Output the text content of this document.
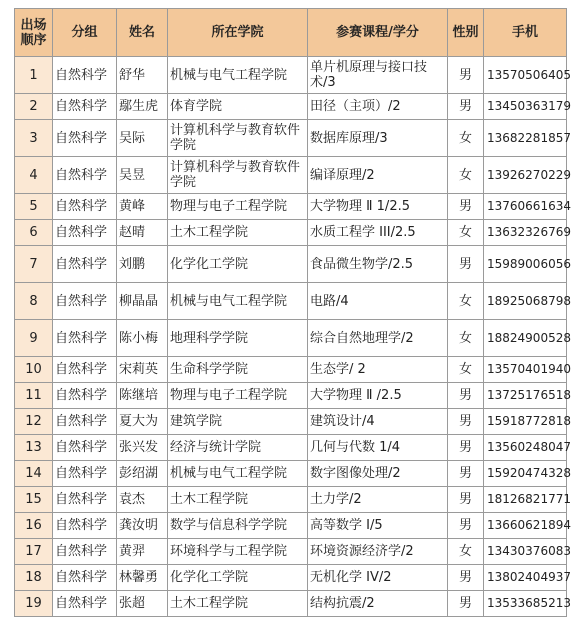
出场顺序	分组	姓名	所在学院	参赛课程/学分	性别	手机
1	自然科学	舒华	机械与电气工程学院	单片机原理与接口技术/3	男	13570506405
2	自然科学	鄢生虎	体育学院	田径（主项）/2	男	13450363179
3	自然科学	吴际	计算机科学与教育软件学院	数据库原理/3	女	13682281857
4	自然科学	吴昱	计算机科学与教育软件学院	编译原理/2	女	13926270229
5	自然科学	黄峰	物理与电子工程学院	大学物理 Ⅱ 1/2.5	男	13760661634
6	自然科学	赵晴	土木工程学院	水质工程学 III/2.5	女	13632326769
7	自然科学	刘鹏	化学化工学院	食品微生物学/2.5	男	15989006056
8	自然科学	柳晶晶	机械与电气工程学院	电路/4	女	18925068798
9	自然科学	陈小梅	地理科学学院	综合自然地理学/2	女	18824900528
10	自然科学	宋莉英	生命科学学院	生态学/ 2	女	13570401940
11	自然科学	陈继培	物理与电子工程学院	大学物理 Ⅱ /2.5	男	13725176518
12	自然科学	夏大为	建筑学院	建筑设计/4	男	15918772818
13	自然科学	张兴发	经济与统计学院	几何与代数 1/4	男	13560248047
14	自然科学	彭绍湖	机械与电气工程学院	数字图像处理/2	男	15920474328
15	自然科学	袁杰	土木工程学院	土力学/2	男	18126821771
16	自然科学	龚汝明	数学与信息科学学院	高等数学 I/5	男	13660621894
17	自然科学	黄羿	环境科学与工程学院	环境资源经济学/2	女	13430376083
18	自然科学	林馨勇	化学化工学院	无机化学 IV/2	男	13802404937
19	自然科学	张超	土木工程学院	结构抗震/2	男	13533685213
